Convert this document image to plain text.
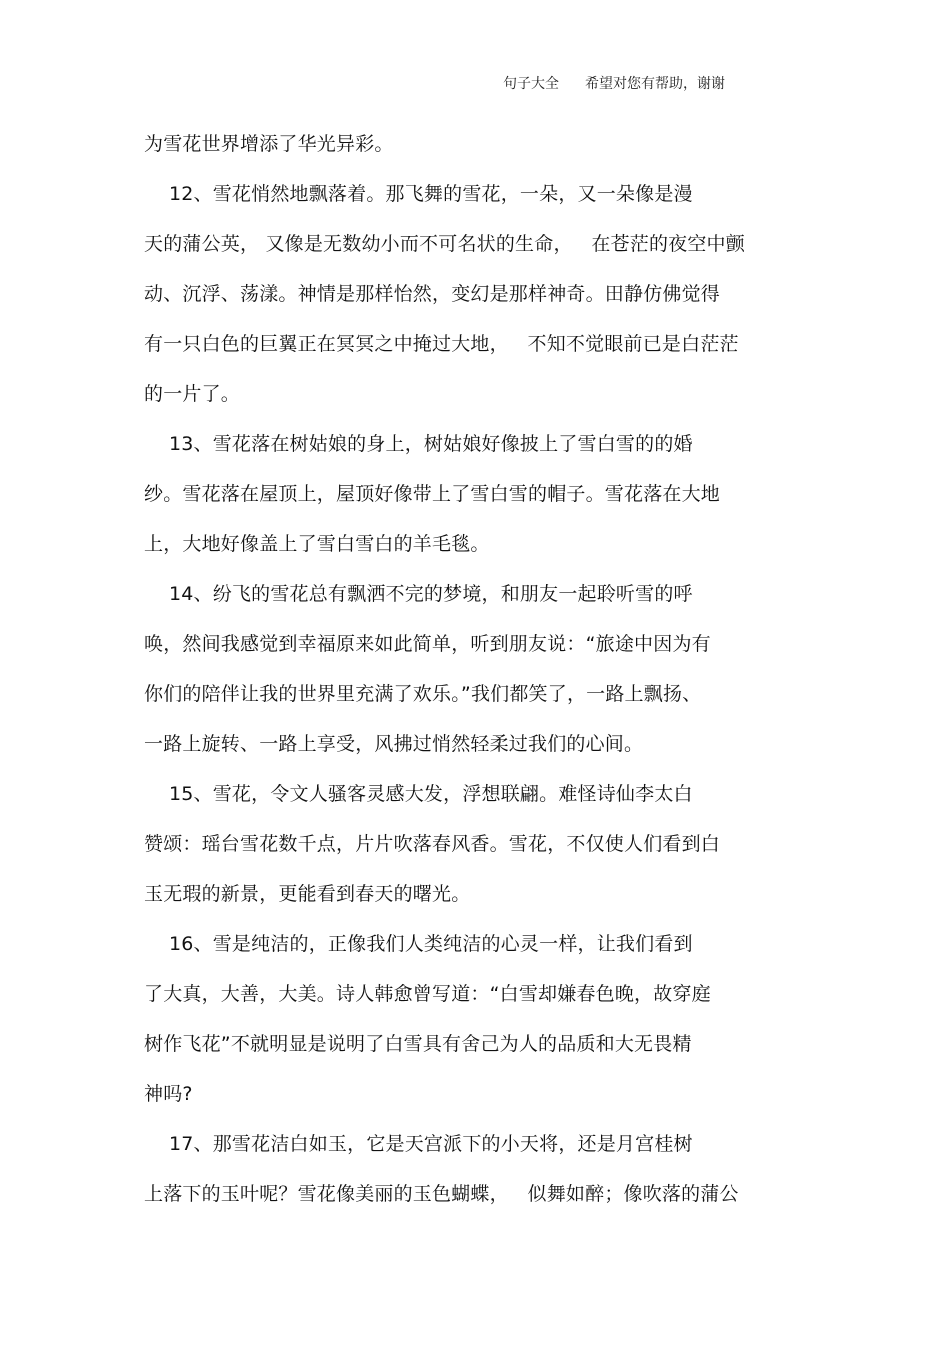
句子大全 希望对您有帮助，谢谢
为雪花世界增添了华光异彩。
12、雪花悄然地飘落着。那飞舞的雪花，一朵，又一朵像是漫
天的蒲公英， 又像是无数幼小而不可名状的生命，   在苍茫的夜空中颤
动、沉浮、荡漾。神情是那样怡然，变幻是那样神奇。田静仿佛觉得
有一只白色的巨翼正在冥冥之中掩过大地，   不知不觉眼前已是白茫茫
的一片了。
13、雪花落在树姑娘的身上，树姑娘好像披上了雪白雪的的婚
纱。雪花落在屋顶上，屋顶好像带上了雪白雪的帽子。雪花落在大地
上，大地好像盖上了雪白雪白的羊毛毯。
14、纷飞的雪花总有飘洒不完的梦境，和朋友一起聆听雪的呼
唤，然间我感觉到幸福原来如此简单，听到朋友说：“旅途中因为有
你们的陪伴让我的世界里充满了欢乐。”我们都笑了，一路上飘扬、
一路上旋转、一路上享受，风拂过悄然轻柔过我们的心间。
15、雪花，令文人骚客灵感大发，浮想联翩。难怪诗仙李太白
赞颂：瑶台雪花数千点，片片吹落春风香。雪花，不仅使人们看到白
玉无瑕的新景，更能看到春天的曙光。
16、雪是纯洁的，正像我们人类纯洁的心灵一样，让我们看到
了大真，大善，大美。诗人韩愈曾写道：“白雪却嫌春色晚，故穿庭
树作飞花”不就明显是说明了白雪具有舍己为人的品质和大无畏精
神吗?
17、那雪花洁白如玉，它是天宫派下的小天将，还是月宫桂树
上落下的玉叶呢？雪花像美丽的玉色蝴蝶，   似舞如醉；像吹落的蒲公
